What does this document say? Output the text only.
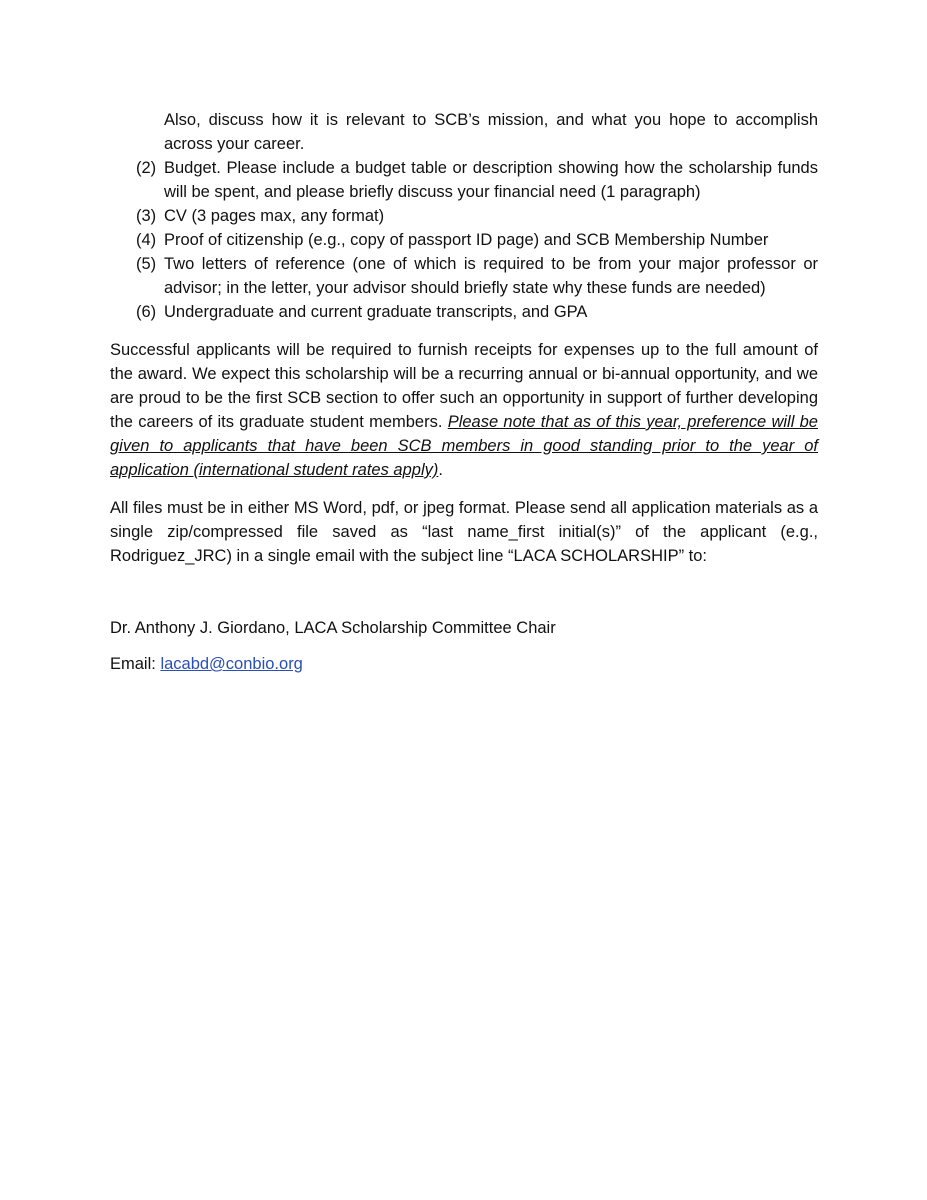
Also, discuss how it is relevant to SCB’s mission, and what you hope to accomplish across your career.
(2) Budget. Please include a budget table or description showing how the scholarship funds will be spent, and please briefly discuss your financial need (1 paragraph)
(3) CV (3 pages max, any format)
(4) Proof of citizenship (e.g., copy of passport ID page) and SCB Membership Number
(5) Two letters of reference (one of which is required to be from your major professor or advisor; in the letter, your advisor should briefly state why these funds are needed)
(6) Undergraduate and current graduate transcripts, and GPA

Successful applicants will be required to furnish receipts for expenses up to the full amount of the award. We expect this scholarship will be a recurring annual or bi-annual opportunity, and we are proud to be the first SCB section to offer such an opportunity in support of further developing the careers of its graduate student members. Please note that as of this year, preference will be given to applicants that have been SCB members in good standing prior to the year of application (international student rates apply).

All files must be in either MS Word, pdf, or jpeg format. Please send all application materials as a single zip/compressed file saved as “last name_first initial(s)” of the applicant (e.g., Rodriguez_JRC) in a single email with the subject line “LACA SCHOLARSHIP” to:

Dr. Anthony J. Giordano, LACA Scholarship Committee Chair

Email: lacabd@conbio.org
